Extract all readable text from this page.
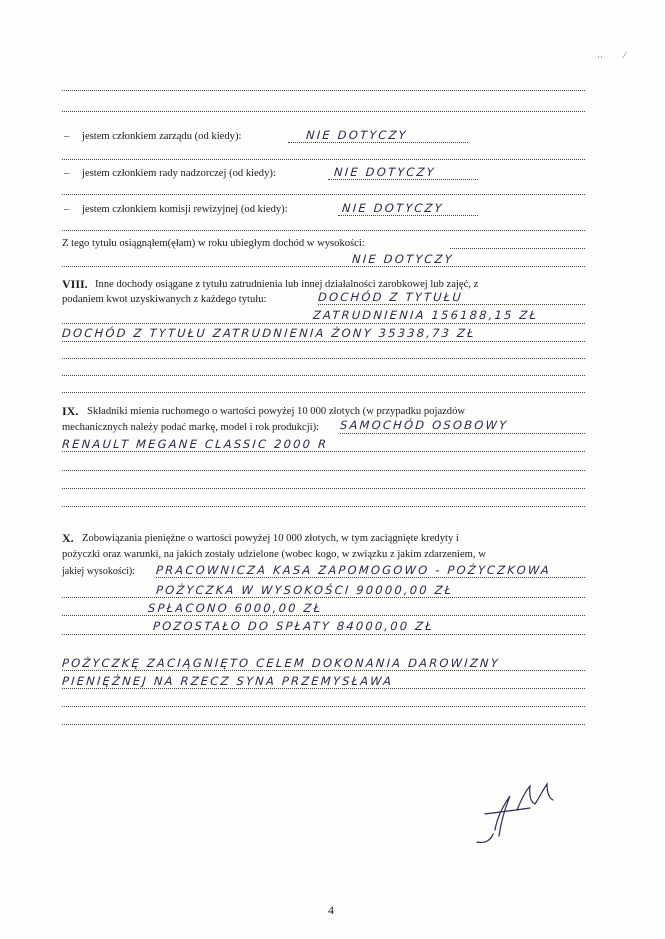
·· ⁄
– jestem członkiem zarządu (od kiedy):	NIE DOTYCZY
– jestem członkiem rady nadzorczej (od kiedy):	NIE DOTYCZY
– jestem członkiem komisji rewizyjnej (od kiedy):	NIE DOTYCZY
Z tego tytułu osiągnąłem(ęłam) w roku ubiegłym dochód w wysokości:
NIE DOTYCZY
VIII. Inne dochody osiągane z tytułu zatrudnienia lub innej działalności zarobkowej lub zajęć, z
podaniem kwot uzyskiwanych z każdego tytułu:	DOCHÓD Z TYTUŁU
ZATRUDNIENIA 156188,15 ZŁ
DOCHÓD Z TYTUŁU ZATRUDNIENIA ŻONY 35338,73 ZŁ
IX. Składniki mienia ruchomego o wartości powyżej 10 000 złotych (w przypadku pojazdów
mechanicznych należy podać markę, model i rok produkcji): SAMOCHÓD OSOBOWY
RENAULT MEGANE CLASSIC 2000 R
X. Zobowiązania pieniężne o wartości powyżej 10 000 złotych, w tym zaciągnięte kredyty i
pożyczki oraz warunki, na jakich zostały udzielone (wobec kogo, w związku z jakim zdarzeniem, w
jakiej wysokości): PRACOWNICZA KASA ZAPOMOGOWO - POŻYCZKOWA
POŻYCZKA W WYSOKOŚCI 90000,00 ZŁ
SPŁACONO 6000,00 ZŁ
POZOSTAŁO DO SPŁATY 84000,00 ZŁ
POŻYCZKĘ ZACIĄGNIĘTO CELEM DOKONANIA DAROWIZNY
PIENIĘŻNEJ NA RZECZ SYNA PRZEMYSŁAWA
4
